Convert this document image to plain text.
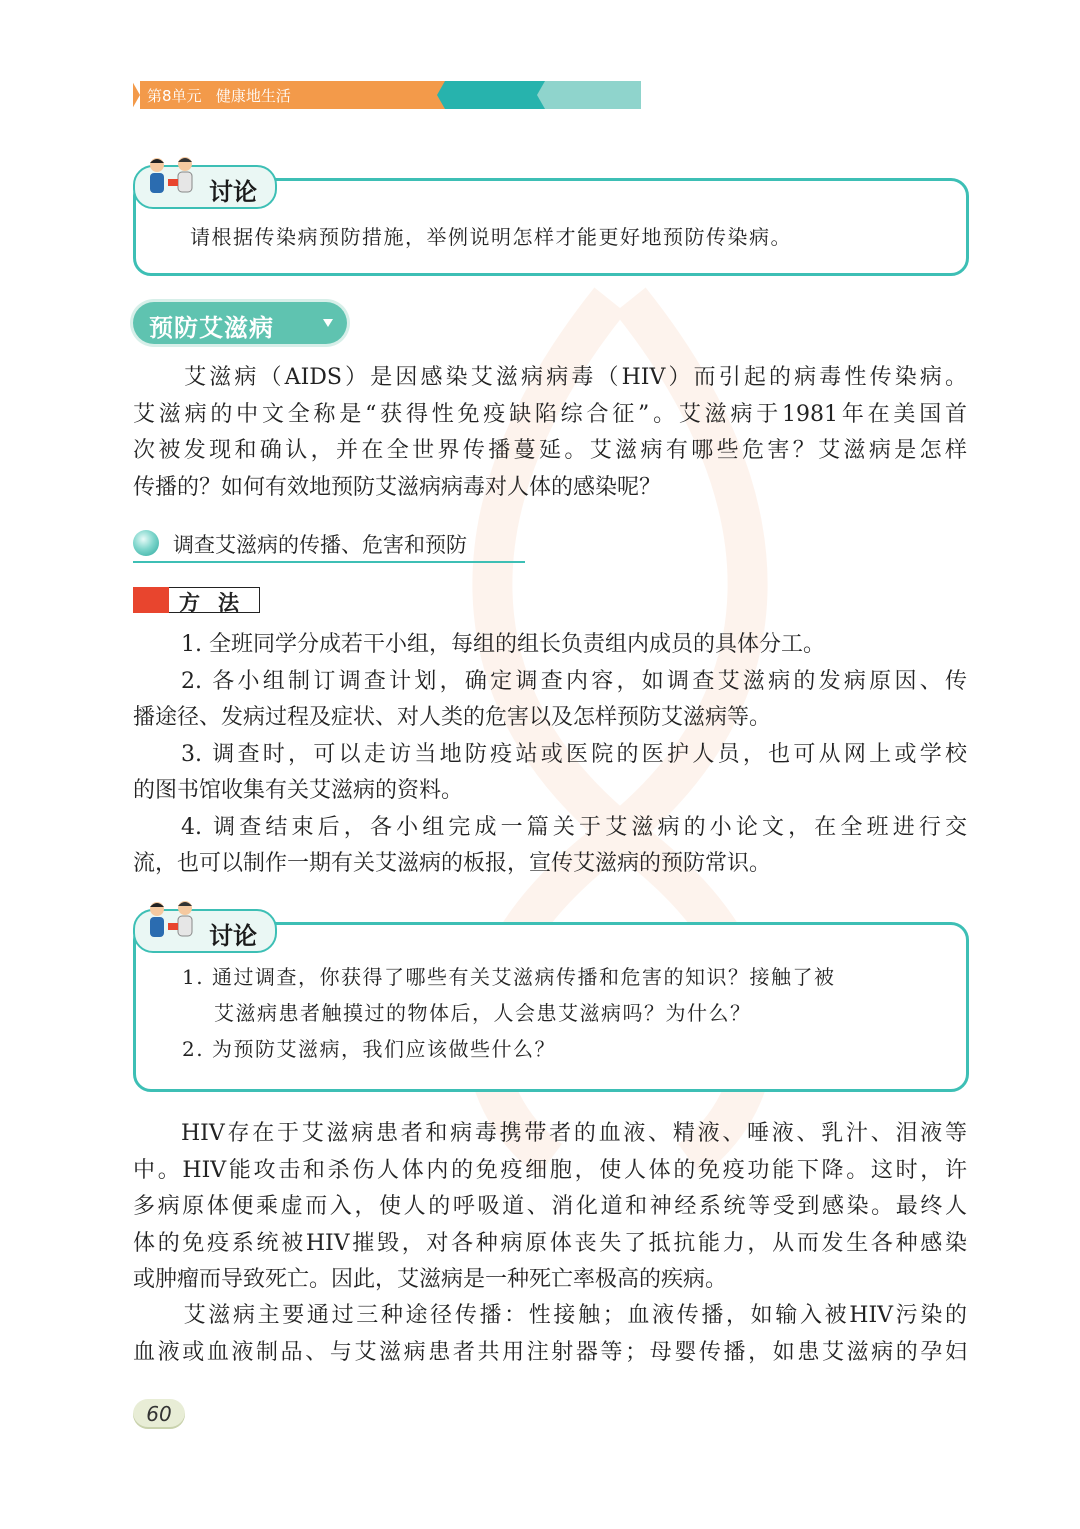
第8单元   健康地生活
请根据传染病预防措施，举例说明怎样才能更好地预防传染病。
讨论
预防艾滋病
艾滋病（AIDS）是因感染艾滋病病毒（HIV）而引起的病毒性传染病。
艾滋病的中文全称是“获得性免疫缺陷综合征”。艾滋病于1981年在美国首
次被发现和确认，并在全世界传播蔓延。艾滋病有哪些危害？艾滋病是怎样
传播的？如何有效地预防艾滋病病毒对人体的感染呢？
调查艾滋病的传播、危害和预防
方法
1. 全班同学分成若干小组，每组的组长负责组内成员的具体分工。
2. 各小组制订调查计划，确定调查内容，如调查艾滋病的发病原因、传
播途径、发病过程及症状、对人类的危害以及怎样预防艾滋病等。
3. 调查时，可以走访当地防疫站或医院的医护人员，也可从网上或学校
的图书馆收集有关艾滋病的资料。
4. 调查结束后，各小组完成一篇关于艾滋病的小论文，在全班进行交
流，也可以制作一期有关艾滋病的板报，宣传艾滋病的预防常识。
1. 通过调查，你获得了哪些有关艾滋病传播和危害的知识？接触了被
艾滋病患者触摸过的物体后，人会患艾滋病吗？为什么？
2. 为预防艾滋病，我们应该做些什么？
讨论
HIV存在于艾滋病患者和病毒携带者的血液、精液、唾液、乳汁、泪液等
中。HIV能攻击和杀伤人体内的免疫细胞，使人体的免疫功能下降。这时，许
多病原体便乘虚而入，使人的呼吸道、消化道和神经系统等受到感染。最终人
体的免疫系统被HIV摧毁，对各种病原体丧失了抵抗能力，从而发生各种感染
或肿瘤而导致死亡。因此，艾滋病是一种死亡率极高的疾病。
艾滋病主要通过三种途径传播：性接触；血液传播，如输入被HIV污染的
血液或血液制品、与艾滋病患者共用注射器等；母婴传播，如患艾滋病的孕妇
60
